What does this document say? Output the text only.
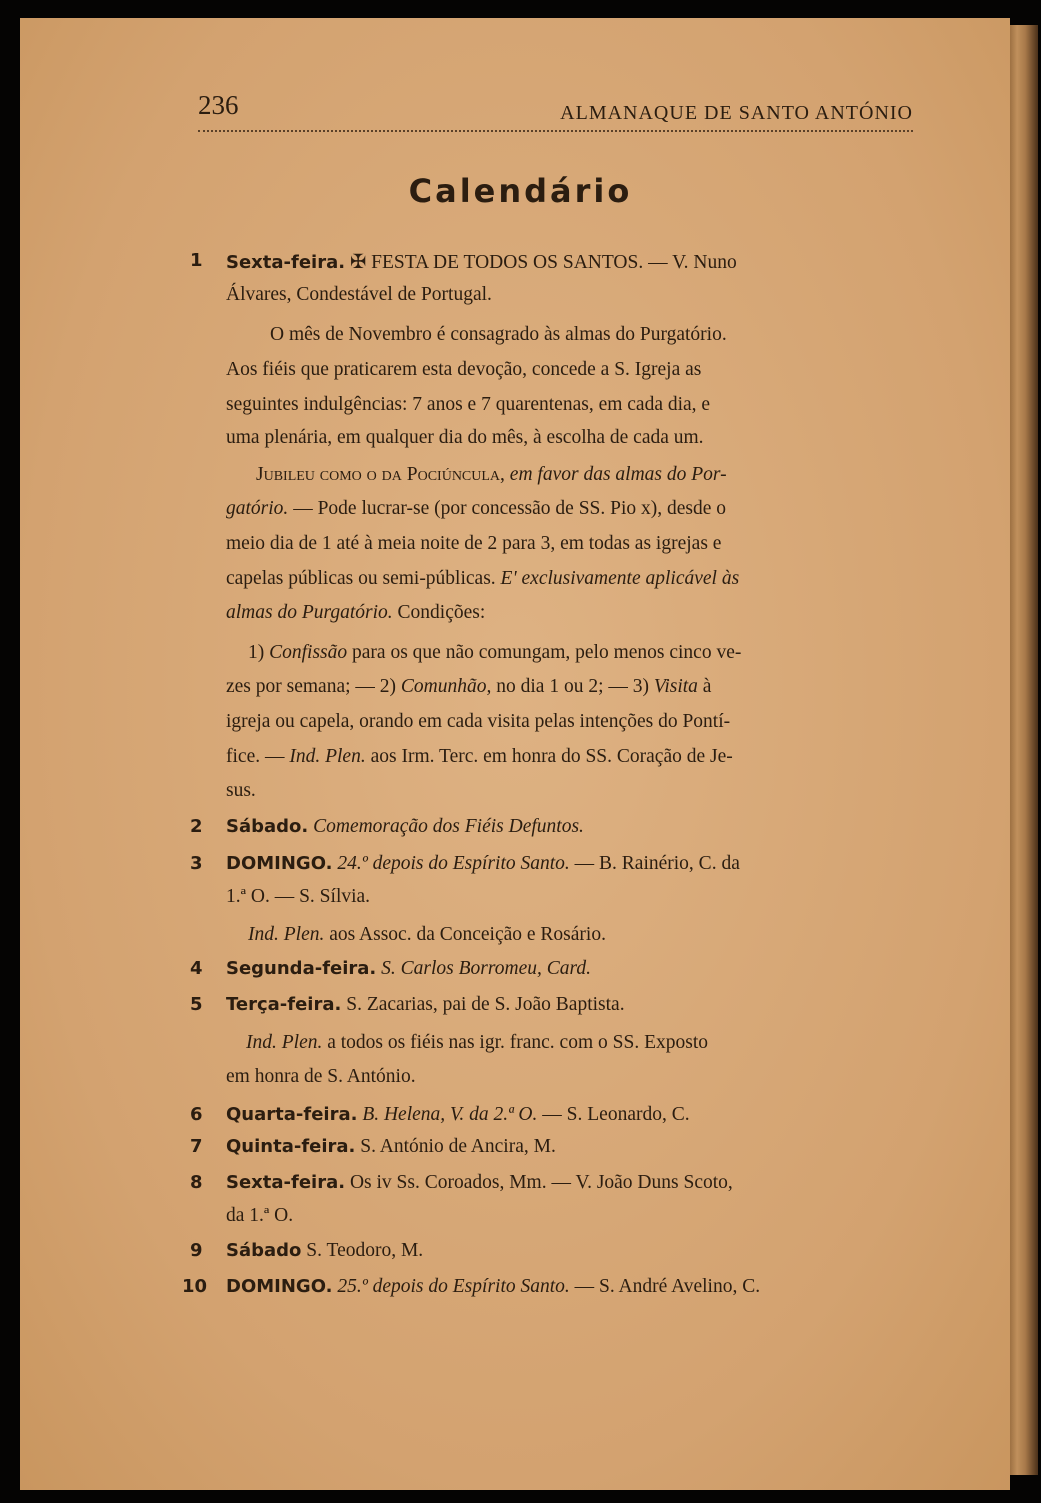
236	ALMANAQUE DE SANTO ANTÓNIO
Calendário
1 Sexta-feira. ✠ FESTA DE TODOS OS SANTOS. — V. Nuno
Álvares, Condestável de Portugal.
O mês de Novembro é consagrado às almas do Purgatório.
Aos fiéis que praticarem esta devoção, concede a S. Igreja as
seguintes indulgências: 7 anos e 7 quarentenas, em cada dia, e
uma plenária, em qualquer dia do mês, à escolha de cada um.
Jubileu como o da Pociúncula, em favor das almas do Por-
gatório. — Pode lucrar-se (por concessão de SS. Pio x), desde o
meio dia de 1 até à meia noite de 2 para 3, em todas as igrejas e
capelas públicas ou semi-públicas. E' exclusivamente aplicável às
almas do Purgatório. Condições:
1) Confissão para os que não comungam, pelo menos cinco ve-
zes por semana; — 2) Comunhão, no dia 1 ou 2; — 3) Visita à
igreja ou capela, orando em cada visita pelas intenções do Pontí-
fice. — Ind. Plen. aos Irm. Terc. em honra do SS. Coração de Je-
sus.
2 Sábado. Comemoração dos Fiéis Defuntos.
3 DOMINGO. 24.º depois do Espírito Santo. — B. Rainério, C. da
1.ª O. — S. Sílvia.
Ind. Plen. aos Assoc. da Conceição e Rosário.
4 Segunda-feira. S. Carlos Borromeu, Card.
5 Terça-feira. S. Zacarias, pai de S. João Baptista.
Ind. Plen. a todos os fiéis nas igr. franc. com o SS. Exposto
em honra de S. António.
6 Quarta-feira. B. Helena, V. da 2.ª O. — S. Leonardo, C.
7 Quinta-feira. S. António de Ancira, M.
8 Sexta-feira. Os iv Ss. Coroados, Mm. — V. João Duns Scoto,
da 1.ª O.
9 Sábado S. Teodoro, M.
10 DOMINGO. 25.º depois do Espírito Santo. — S. André Avelino, C.
